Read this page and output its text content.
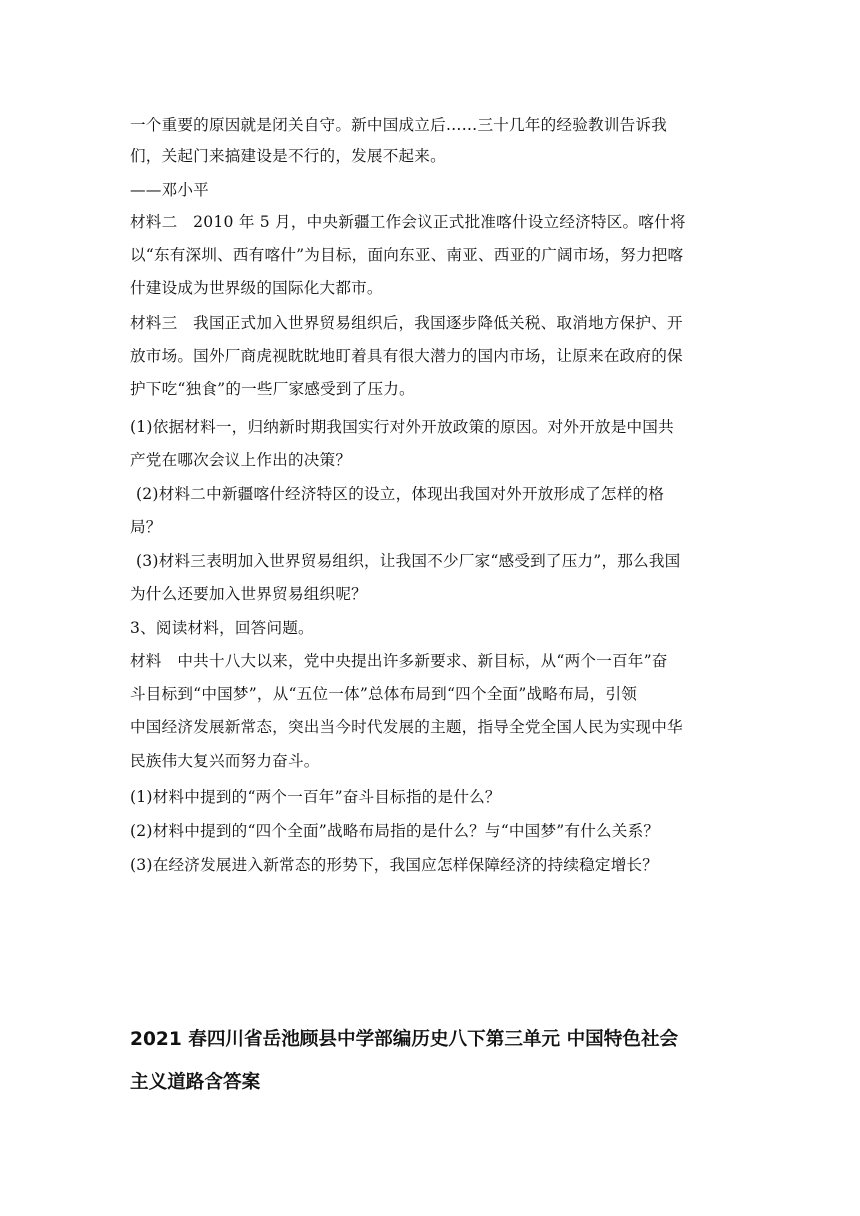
一个重要的原因就是闭关自守。新中国成立后……三十几年的经验教训告诉我
们，关起门来搞建设是不行的，发展不起来。
——邓小平
材料二　2010 年 5 月，中央新疆工作会议正式批准喀什设立经济特区。喀什将
以“东有深圳、西有喀什”为目标，面向东亚、南亚、西亚的广阔市场，努力把喀
什建设成为世界级的国际化大都市。
材料三　我国正式加入世界贸易组织后，我国逐步降低关税、取消地方保护、开
放市场。国外厂商虎视眈眈地盯着具有很大潜力的国内市场，让原来在政府的保
护下吃“独食”的一些厂家感受到了压力。
(1)依据材料一，归纳新时期我国实行对外开放政策的原因。对外开放是中国共
产党在哪次会议上作出的决策？
(2)材料二中新疆喀什经济特区的设立，体现出我国对外开放形成了怎样的格
局？
(3)材料三表明加入世界贸易组织，让我国不少厂家“感受到了压力”，那么我国
为什么还要加入世界贸易组织呢？
3、阅读材料，回答问题。
材料　中共十八大以来，党中央提出许多新要求、新目标，从“两个一百年”奋
斗目标到“中国梦”，从“五位一体”总体布局到“四个全面”战略布局，引领
中国经济发展新常态，突出当今时代发展的主题，指导全党全国人民为实现中华
民族伟大复兴而努力奋斗。
(1)材料中提到的“两个一百年”奋斗目标指的是什么？
(2)材料中提到的“四个全面”战略布局指的是什么？与“中国梦”有什么关系？
(3)在经济发展进入新常态的形势下，我国应怎样保障经济的持续稳定增长？
2021 春四川省岳池顾县中学部编历史八下第三单元 中国特色社会
主义道路含答案
